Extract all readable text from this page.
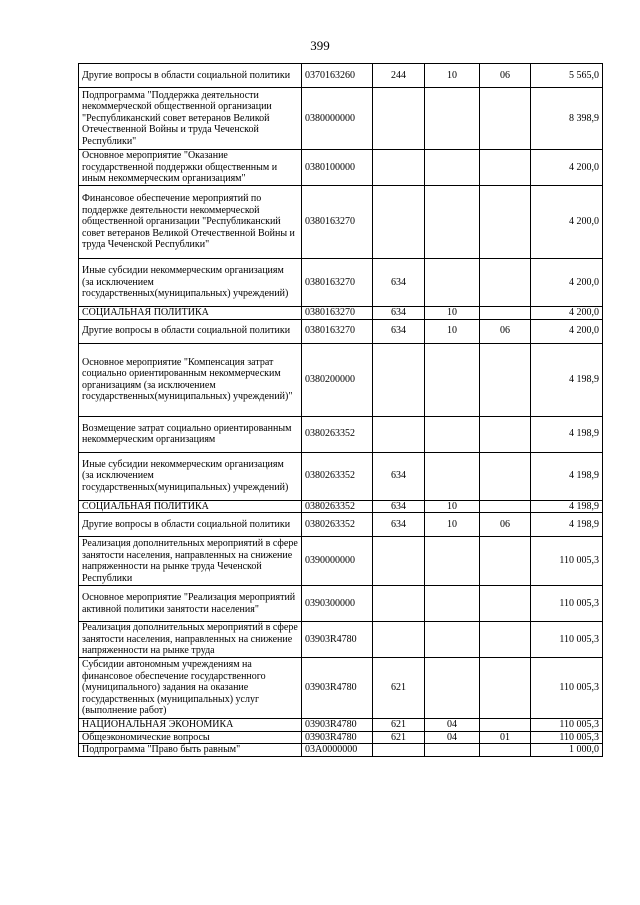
399
Другие вопросы в области социальной политики	0370163260	244	10	06	5 565,0
Подпрограмма "Поддержка деятельности некоммерческой общественной организации "Республиканский совет ветеранов Великой Отечественной Войны и труда Чеченской Республики"	0380000000				8 398,9
Основное мероприятие "Оказание государственной поддержки общественным и иным некоммерческим организациям"	0380100000				4 200,0
Финансовое обеспечение мероприятий по поддержке деятельности некоммерческой общественной организации "Республиканский совет ветеранов Великой Отечественной Войны и труда Чеченской Республики"	0380163270				4 200,0
Иные субсидии некоммерческим организациям (за исключением государственных(муниципальных) учреждений)	0380163270	634			4 200,0
СОЦИАЛЬНАЯ ПОЛИТИКА	0380163270	634	10		4 200,0
Другие вопросы в области социальной политики	0380163270	634	10	06	4 200,0
Основное мероприятие "Компенсация затрат социально ориентированным некоммерческим организациям (за исключением государственных(муниципальных) учреждений)"	0380200000				4 198,9
Возмещение затрат социально ориентированным некоммерческим организациям	0380263352				4 198,9
Иные субсидии некоммерческим организациям (за исключением государственных(муниципальных) учреждений)	0380263352	634			4 198,9
СОЦИАЛЬНАЯ ПОЛИТИКА	0380263352	634	10		4 198,9
Другие вопросы в области социальной политики	0380263352	634	10	06	4 198,9
Реализация дополнительных мероприятий в сфере занятости населения, направленных на снижение напряженности на рынке труда Чеченской Республики	0390000000				110 005,3
Основное мероприятие "Реализация мероприятий активной политики занятости населения"	0390300000				110 005,3
Реализация дополнительных мероприятий в сфере занятости населения, направленных на снижение напряженности на рынке труда	03903R4780				110 005,3
Субсидии автономным учреждениям на финансовое обеспечение государственного (муниципального) задания на оказание государственных (муниципальных) услуг (выполнение работ)	03903R4780	621			110 005,3
НАЦИОНАЛЬНАЯ ЭКОНОМИКА	03903R4780	621	04		110 005,3
Общеэкономические вопросы	03903R4780	621	04	01	110 005,3
Подпрограмма "Право быть равным"	03А0000000				1 000,0
